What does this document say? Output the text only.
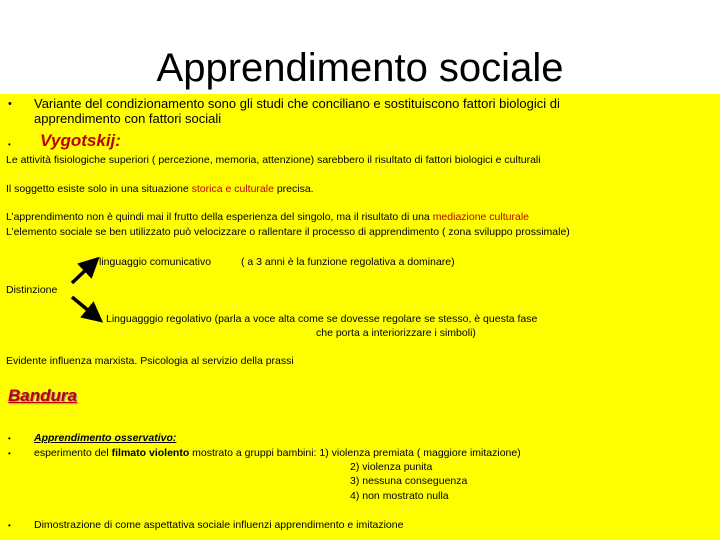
Apprendimento sociale
• Variante del condizionamento sono gli studi che conciliano e sostituiscono fattori biologici di
apprendimento con fattori sociali
• Vygotskij:
Le attività fisiologiche superiori ( percezione, memoria, attenzione) sarebbero il risultato di fattori biologici e culturali
Il soggetto esiste solo in una situazione storica e culturale precisa.
L’apprendimento non è quindi mai il frutto della esperienza del singolo, ma il risultato di una mediazione culturale
L’elemento sociale se ben utilizzato può velocizzare o rallentare il processo di apprendimento ( zona sviluppo prossimale)
linguaggio comunicativo	( a 3 anni è la funzione regolativa a dominare)
Distinzione
Linguagggio regolativo (parla a voce alta come se dovesse regolare se stesso, è questa fase
che porta a interiorizzare i simboli)
Evidente influenza marxista. Psicologia al servizio della prassi
Bandura
• Apprendimento osservativo:
• esperimento del filmato violento mostrato a gruppi bambini: 1) violenza premiata ( maggiore imitazione)
2) violenza punita
3) nessuna conseguenza
4) non mostrato nulla
• Dimostrazione di come aspettativa sociale influenzi apprendimento e imitazione
